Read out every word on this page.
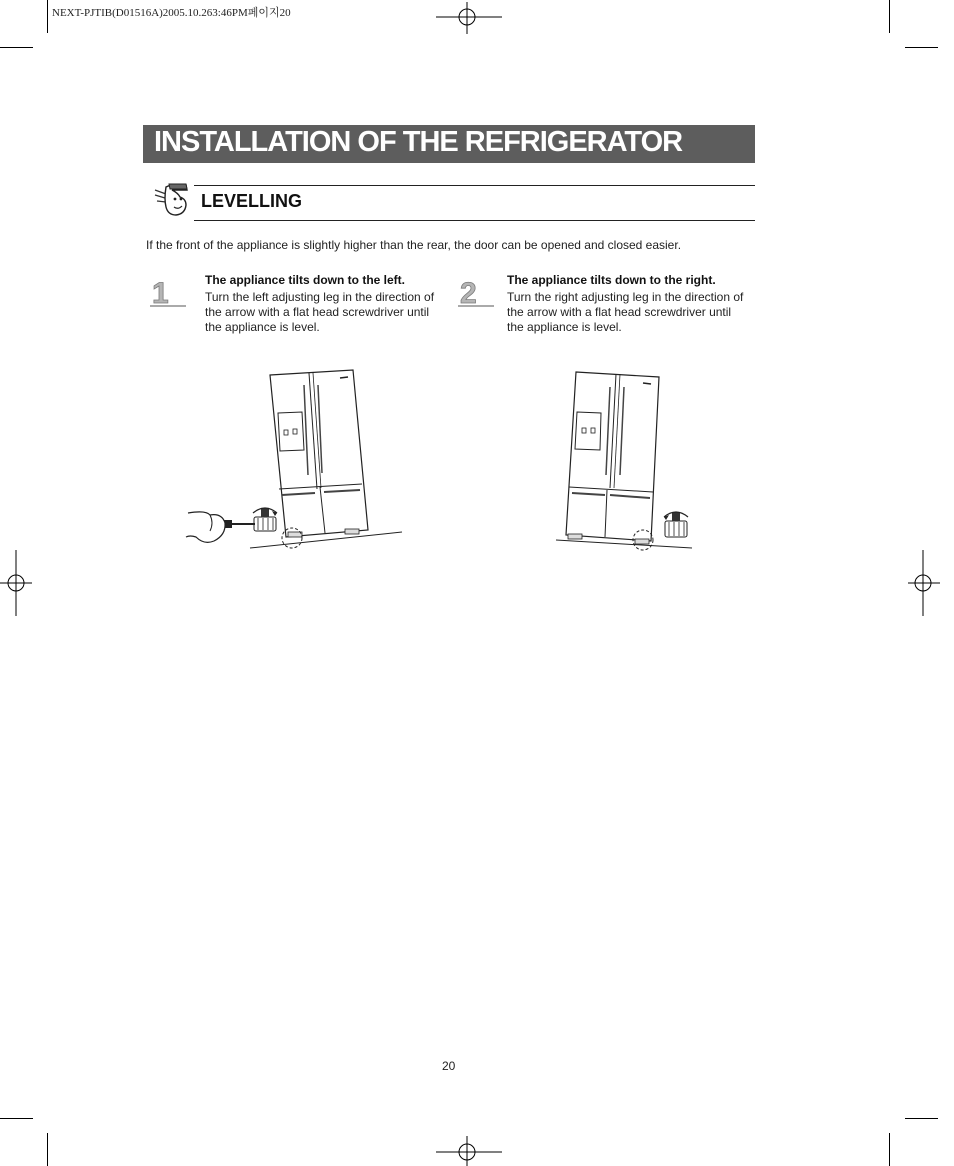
NEXT-PJTIB(D01516A)2005.10.263:46PM페이지20
INSTALLATION OF THE REFRIGERATOR
LEVELLING
If the front of the appliance is slightly higher than the rear, the door can be opened and closed easier.
1	The appliance tilts down to the left.
Turn the left adjusting leg in the direction of
the arrow with a flat head screwdriver until
the appliance is level.
2	The appliance tilts down to the right.
Turn the right adjusting leg in the direction of
the arrow with a flat head screwdriver until
the appliance is level.
20
